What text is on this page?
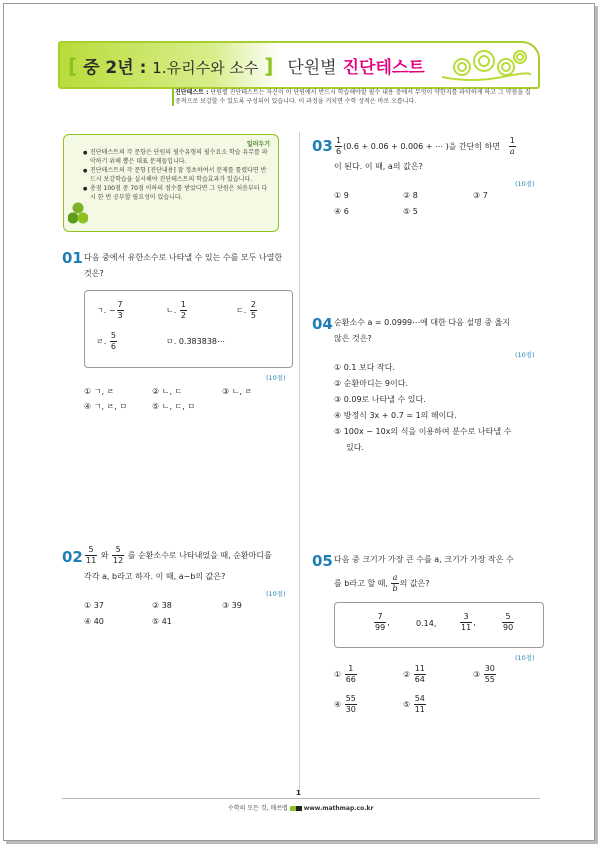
[ 중 2년 : 1.유리수와 소수 ] 단원별 진단테스트
진단테스트 : 단원별 진단테스트는 자신이 이 단원에서 반드시 학습해야할 필수 내용 중에서 무엇이 약한지를 파악하게 하고 그 약점을 집중적으로 보강할 수 있도록 구성되어 있습니다. 이 과정을 거치면 수학 성적은 바로 오릅니다.
일러두기
● 진단테스트의 각 문항은 단원의 필수유형의 필수요소 학습 유무를 파악하기 위해 뽑은 대표 문제들입니다.
● 진단테스트의 각 문항 [진단내용] 잘 정초하여서 문제를 틀렸다면 반드시 보강학습을 실시해야 진단테스트의 학습효과가 있습니다.
● 총점 100점 중 70점 이하의 점수를 받았다면 그 단원은 처음부터 다시 한 번 공부할 필요성이 있습니다.
01 다음 중에서 유한소수로 나타낼 수 있는 수를 모두 나열한 것은?
ㄱ. − $\frac{7}{3}$	ㄴ. $\frac{1}{2}$	ㄷ. $\frac{2}{5}$
ㄹ. $\frac{5}{6}$	ㅁ. 0.383838⋯
(10점)
① ㄱ, ㄹ	② ㄴ, ㄷ	③ ㄴ, ㄹ
④ ㄱ, ㄹ, ㅁ	⑤ ㄴ, ㄷ, ㅁ
$02 \frac{5}{11}$ 와 $\frac{5}{12}$ 를 순환소수로 나타내었을 때, 순환마디를
각각 a, b라고 하자. 이 때, a−b의 값은?
(10점)
① 37	② 38	③ 39
④ 40	⑤ 41
$03 \frac{1}{6} (0.6 + 0.06 + 0.006$ + ⋯ )을 간단히 하면 $\frac{1}{a}$
이 된다. 이 때, a의 값은?
(10점)
① 9	② 8	③ 7
④ 6	⑤ 5
04 순환소수 a = 0.0999⋯에 대한 다음 설명 중 옳지
않은 것은?
(10점)
① 0.1 보다 작다.
② 순환마디는 9이다.
③ 0.09로 나타낼 수 있다.
④ 방정식 3x + 0.7 = 1의 해이다.
⑤ 100x − 10x의 식을 이용하여 분수로 나타낼 수
있다.
05 다음 중 크기가 가장 큰 수를 a, 크기가 가장 작은 수
를 b라고 할 때, $\frac{a}{b}$ 의 값은?
$\frac{7}{99}$ ,	0.14,	$\frac{3}{11}$ ,	$\frac{5}{90}$
(10점)
① $\frac{1}{66}$	② $\frac{11}{64}$	③ $\frac{30}{55}$
④ $\frac{55}{30}$	⑤ $\frac{54}{11}$
1
수학의 모든 것, 매쓰맵 www.mathmap.co.kr
